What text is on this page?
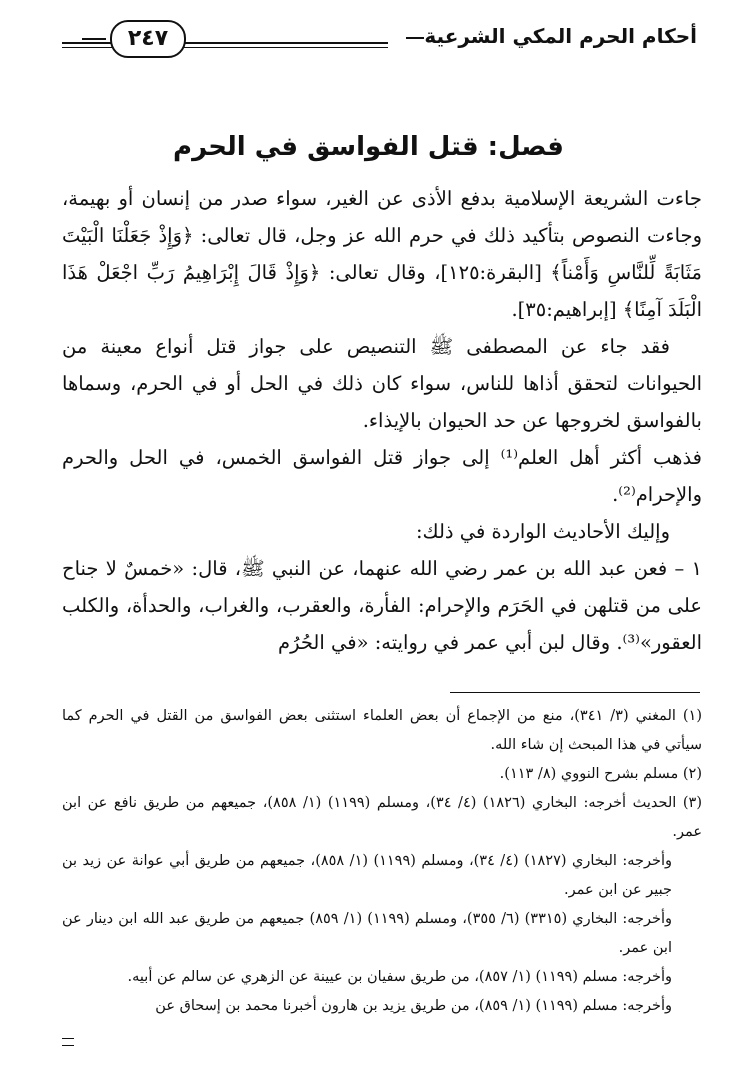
٢٤٧	أحكام الحرم المكي الشرعية
فصل: قتل الفواسق في الحرم

جاءت الشريعة الإسلامية بدفع الأذى عن الغير، سواء صدر من إنسان أو بهيمة، وجاءت النصوص بتأكيد ذلك في حرم الله عز وجل، قال تعالى: ﴿وَإِذْ جَعَلْنَا الْبَيْتَ مَثَابَةً لِّلنَّاسِ وَأَمْناً﴾ [البقرة:١٢٥]، وقال تعالى: ﴿وَإِذْ قَالَ إِبْرَاهِيمُ رَبِّ اجْعَلْ هَذَا الْبَلَدَ آمِنًا﴾ [إبراهيم:٣٥].

فقد جاء عن المصطفى ﷺ التنصيص على جواز قتل أنواع معينة من الحيوانات لتحقق أذاها للناس، سواء كان ذلك في الحل أو في الحرم، وسماها بالفواسق لخروجها عن حد الحيوان بالإيذاء.

فذهب أكثر أهل العلم⁽¹⁾ إلى جواز قتل الفواسق الخمس، في الحل والحرم والإحرام⁽²⁾.

وإليك الأحاديث الواردة في ذلك:

١ – فعن عبد الله بن عمر رضي الله عنهما، عن النبي ﷺ، قال: «خمسٌ لا جناح على من قتلهن في الحَرَم والإحرام: الفأرة، والعقرب، والغراب، والحدأة، والكلب العقور»⁽³⁾. وقال لبن أبي عمر في روايته: «في الحُرُم

(١) المغني (٣/ ٣٤١)، منع من الإجماع أن بعض العلماء استثنى بعض الفواسق من القتل في الحرم كما سيأتي في هذا المبحث إن شاء الله.

(٢) مسلم بشرح النووي (٨/ ١١٣).

(٣) الحديث أخرجه: البخاري (١٨٢٦) (٤/ ٣٤)، ومسلم (١١٩٩) (١/ ٨٥٨)، جميعهم من طريق نافع عن ابن عمر.

وأخرجه: البخاري (١٨٢٧) (٤/ ٣٤)، ومسلم (١١٩٩) (١/ ٨٥٨)، جميعهم من طريق أبي عوانة عن زيد بن جبير عن ابن عمر.

وأخرجه: البخاري (٣٣١٥) (٦/ ٣٥٥)، ومسلم (١١٩٩) (١/ ٨٥٩) جميعهم من طريق عبد الله ابن دينار عن ابن عمر.

وأخرجه: مسلم (١١٩٩) (١/ ٨٥٧)، من طريق سفيان بن عيينة عن الزهري عن سالم عن أبيه.

وأخرجه: مسلم (١١٩٩) (١/ ٨٥٩)، من طريق يزيد بن هارون أخبرنا محمد بن إسحاق عن
